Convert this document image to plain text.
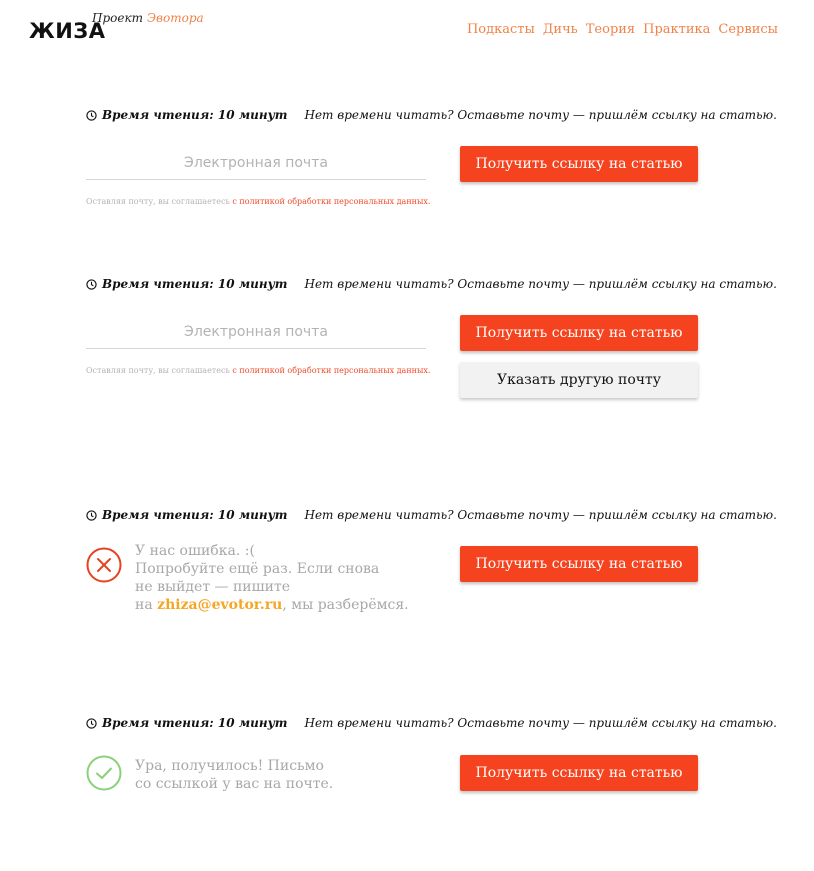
ЖИЗА
Проект Эвотора
Подкасты Дичь Теория Практика Сервисы
Время чтения: 10 минут Нет времени читать? Оставьте почту — пришлём ссылку на статью.
Электронная почта
Оставляя почту, вы соглашаетесь с политикой обработки персональных данных.
Получить ссылку на статью
Время чтения: 10 минут Нет времени читать? Оставьте почту — пришлём ссылку на статью.
Электронная почта
Оставляя почту, вы соглашаетесь с политикой обработки персональных данных.
Получить ссылку на статью
Указать другую почту
Время чтения: 10 минут Нет времени читать? Оставьте почту — пришлём ссылку на статью.
У нас ошибка. :(
Попробуйте ещё раз. Если снова
не выйдет — пишите
на zhiza@evotor.ru, мы разберёмся.
Получить ссылку на статью
Время чтения: 10 минут Нет времени читать? Оставьте почту — пришлём ссылку на статью.
Ура, получилось! Письмо
со ссылкой у вас на почте.
Получить ссылку на статью
